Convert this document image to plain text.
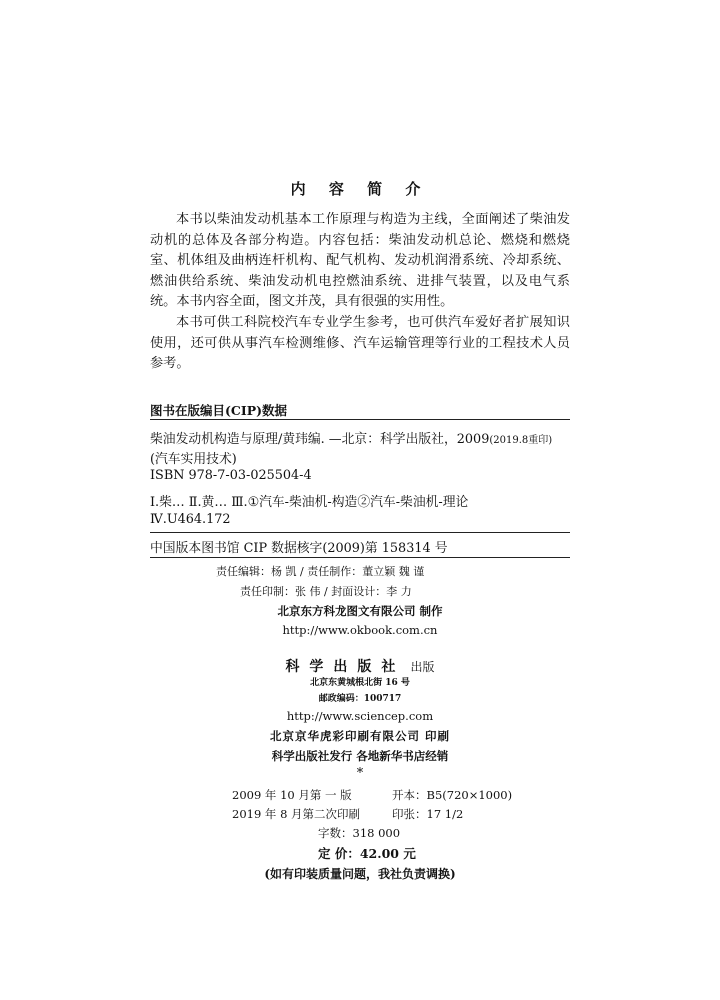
内 容 简 介
本书以柴油发动机基本工作原理与构造为主线，全面阐述了柴油发动机的总体及各部分构造。内容包括：柴油发动机总论、燃烧和燃烧室、机体组及曲柄连杆机构、配气机构、发动机润滑系统、冷却系统、燃油供给系统、柴油发动机电控燃油系统、进排气装置，以及电气系统。本书内容全面，图文并茂，具有很强的实用性。
本书可供工科院校汽车专业学生参考，也可供汽车爱好者扩展知识使用，还可供从事汽车检测维修、汽车运输管理等行业的工程技术人员参考。
图书在版编目(CIP)数据
柴油发动机构造与原理/黄玮编. —北京：科学出版社，2009(2019.8重印)
(汽车实用技术)
ISBN 978-7-03-025504-4
Ⅰ.柴… Ⅱ.黄… Ⅲ.①汽车-柴油机-构造②汽车-柴油机-理论
Ⅳ.U464.172
中国版本图书馆 CIP 数据核字(2009)第 158314 号
责任编辑：杨 凯 / 责任制作：董立颖 魏 谨
责任印制：张 伟 / 封面设计：李 力
北京东方科龙图文有限公司 制作
http://www.okbook.com.cn
科学出版社 出版
北京东黄城根北街 16 号
邮政编码：100717
http://www.sciencep.com
北京京华虎彩印刷有限公司 印刷
科学出版社发行 各地新华书店经销
*
2009 年 10 月第 一 版	开本：B5(720×1000)
2019 年 8 月第二次印刷	印张：17 1/2
字数：318 000
定 价：42.00 元
(如有印装质量问题，我社负责调换)
